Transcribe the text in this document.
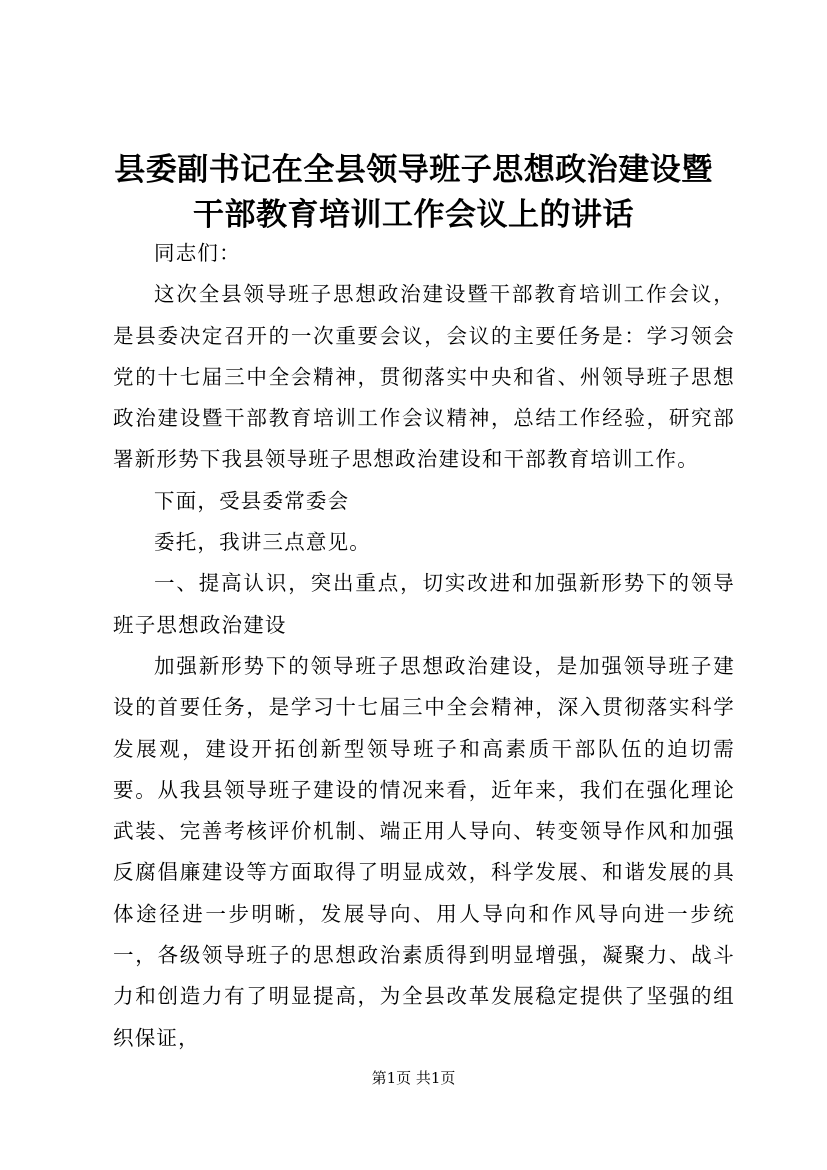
县委副书记在全县领导班子思想政治建设暨干部教育培训工作会议上的讲话

同志们：

这次全县领导班子思想政治建设暨干部教育培训工作会议，是县委决定召开的一次重要会议，会议的主要任务是：学习领会党的十七届三中全会精神，贯彻落实中央和省、州领导班子思想政治建设暨干部教育培训工作会议精神，总结工作经验，研究部署新形势下我县领导班子思想政治建设和干部教育培训工作。

下面，受县委常委会

委托，我讲三点意见。

一、提高认识，突出重点，切实改进和加强新形势下的领导班子思想政治建设

加强新形势下的领导班子思想政治建设，是加强领导班子建设的首要任务，是学习十七届三中全会精神，深入贯彻落实科学发展观，建设开拓创新型领导班子和高素质干部队伍的迫切需要。从我县领导班子建设的情况来看，近年来，我们在强化理论武装、完善考核评价机制、端正用人导向、转变领导作风和加强反腐倡廉建设等方面取得了明显成效，科学发展、和谐发展的具体途径进一步明晰，发展导向、用人导向和作风导向进一步统一，各级领导班子的思想政治素质得到明显增强，凝聚力、战斗力和创造力有了明显提高，为全县改革发展稳定提供了坚强的组织保证，

第1页 共1页
